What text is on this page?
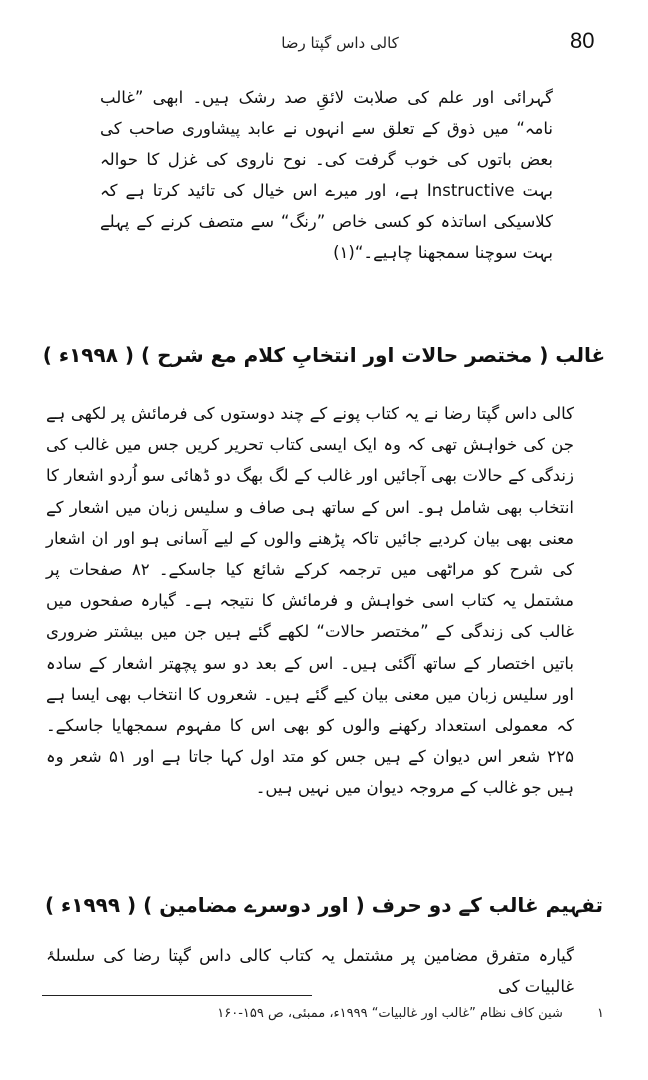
کالی داس گپتا رضا	80

گہرائی اور علم کی صلابت لائقِ صد رشک ہیں۔ ابھی ”غالب نامہ“ میں ذوق کے تعلق سے انہوں نے عابد پیشاوری صاحب کی بعض باتوں کی خوب گرفت کی۔ نوح ناروی کی غزل کا حوالہ بہت Instructive ہے، اور میرے اس خیال کی تائید کرتا ہے کہ کلاسیکی اساتذہ کو کسی خاص ”رنگ“ سے متصف کرنے کے پہلے بہت سوچنا سمجھنا چاہیے۔“(۱)

غالب ( مختصر حالات اور انتخابِ کلام مع شرح ) ( ۱۹۹۸ء )

کالی داس گپتا رضا نے یہ کتاب پونے کے چند دوستوں کی فرمائش پر لکھی ہے جن کی خواہش تھی کہ وہ ایک ایسی کتاب تحریر کریں جس میں غالب کی زندگی کے حالات بھی آجائیں اور غالب کے لگ بھگ دو ڈھائی سو اُردو اشعار کا انتخاب بھی شامل ہو۔ اس کے ساتھ ہی صاف و سلیس زبان میں اشعار کے معنی بھی بیان کردیے جائیں تاکہ پڑھنے والوں کے لیے آسانی ہو اور ان اشعار کی شرح کو مراٹھی میں ترجمہ کرکے شائع کیا جاسکے۔ ۸۲ صفحات پر مشتمل یہ کتاب اسی خواہش و فرمائش کا نتیجہ ہے۔ گیارہ صفحوں میں غالب کی زندگی کے ”مختصر حالات“ لکھے گئے ہیں جن میں بیشتر ضروری باتیں اختصار کے ساتھ آگئی ہیں۔ اس کے بعد دو سو پچھتر اشعار کے سادہ اور سلیس زبان میں معنی بیان کیے گئے ہیں۔ شعروں کا انتخاب بھی ایسا ہے کہ معمولی استعداد رکھنے والوں کو بھی اس کا مفہوم سمجھایا جاسکے۔ ۲۲۵ شعر اس دیوان کے ہیں جس کو متد اول کہا جاتا ہے اور ۵۱ شعر وہ ہیں جو غالب کے مروجہ دیوان میں نہیں ہیں۔

تفہیم غالب کے دو حرف ( اور دوسرے مضامین ) ( ۱۹۹۹ء )

گیارہ متفرق مضامین پر مشتمل یہ کتاب کالی داس گپتا رضا کی سلسلۂ غالبیات کی

۱ شین کاف نظام ”غالب اور غالبیات“ ۱۹۹۹ء، ممبئی، ص ۱۵۹-۱۶۰
